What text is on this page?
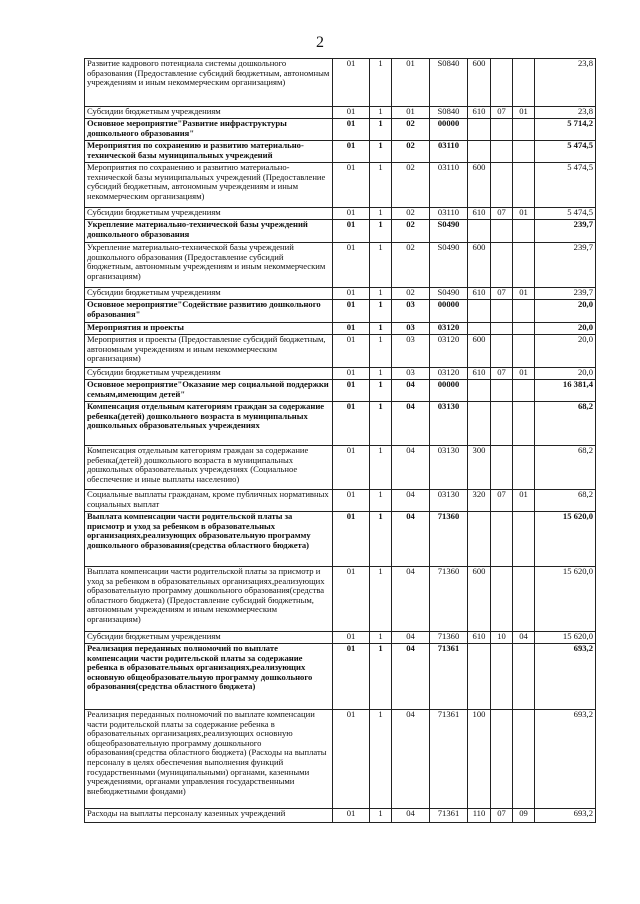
2
Развитие кадрового потенциала системы дошкольного образования (Предоставление субсидий бюджетным, автономным учреждениям и иным некоммерческим организациям)	01	1	01	S0840	600			23,8
Субсидии бюджетным учреждениям	01	1	01	S0840	610	07	01	23,8
Основное мероприятие"Развитие инфраструктуры дошкольного образования"	01	1	02	00000				5 714,2
Мероприятия по сохранению и развитию материально-технической базы муниципальных учреждений	01	1	02	03110				5 474,5
Мероприятия по сохранению и развитию материально-технической базы муниципальных учреждений (Предоставление субсидий бюджетным, автономным учреждениям и иным некоммерческим организациям)	01	1	02	03110	600			5 474,5
Субсидии бюджетным учреждениям	01	1	02	03110	610	07	01	5 474,5
Укрепление материально-технической базы учреждений дошкольного образования	01	1	02	S0490				239,7
Укрепление материально-технической базы учреждений дошкольного образования (Предоставление субсидий бюджетным, автономным учреждениям и иным некоммерческим организациям)	01	1	02	S0490	600			239,7
Субсидии бюджетным учреждениям	01	1	02	S0490	610	07	01	239,7
Основное мероприятие"Содействие развитию дошкольного образования"	01	1	03	00000				20,0
Мероприятия и проекты	01	1	03	03120				20,0
Мероприятия и проекты (Предоставление субсидий бюджетным, автономным учреждениям и иным некоммерческим организациям)	01	1	03	03120	600			20,0
Субсидии бюджетным учреждениям	01	1	03	03120	610	07	01	20,0
Основное мероприятие"Оказание мер социальной поддержки семьям,имеющим детей"	01	1	04	00000				16 381,4
Компенсация отдельным категориям граждан за содержание ребенка(детей) дошкольного возраста в муниципальных дошкольных образовательных учреждениях	01	1	04	03130				68,2
Компенсация отдельным категориям граждан за содержание ребенка(детей) дошкольного возраста в муниципальных дошкольных образовательных учреждениях (Социальное обеспечение и иные выплаты населению)	01	1	04	03130	300			68,2
Социальные выплаты гражданам, кроме публичных нормативных социальных выплат	01	1	04	03130	320	07	01	68,2
Выплата компенсации части родительской платы за присмотр и уход за ребенком в образовательных организациях,реализующих образовательную программу дошкольного образования(средства областного бюджета)	01	1	04	71360				15 620,0
Выплата компенсации части родительской платы за присмотр и уход за ребенком в образовательных организациях,реализующих образовательную программу дошкольного образования(средства областного бюджета) (Предоставление субсидий бюджетным, автономным учреждениям и иным некоммерческим организациям)	01	1	04	71360	600			15 620,0
Субсидии бюджетным учреждениям	01	1	04	71360	610	10	04	15 620,0
Реализация переданных полномочий по выплате компенсации части родительской платы за содержание ребенка в образовательных организациях,реализующих основную общеобразовательную программу дошкольного образования(средства областного бюджета)	01	1	04	71361				693,2
Реализация переданных полномочий по выплате компенсации части родительской платы за содержание ребенка в образовательных организациях,реализующих основную общеобразовательную программу дошкольного образования(средства областного бюджета) (Расходы на выплаты персоналу в целях обеспечения выполнения функций государственными (муниципальными) органами, казенными учреждениями, органами управления государственными внебюджетными фондами)	01	1	04	71361	100			693,2
Расходы на выплаты персоналу казенных учреждений	01	1	04	71361	110	07	09	693,2
